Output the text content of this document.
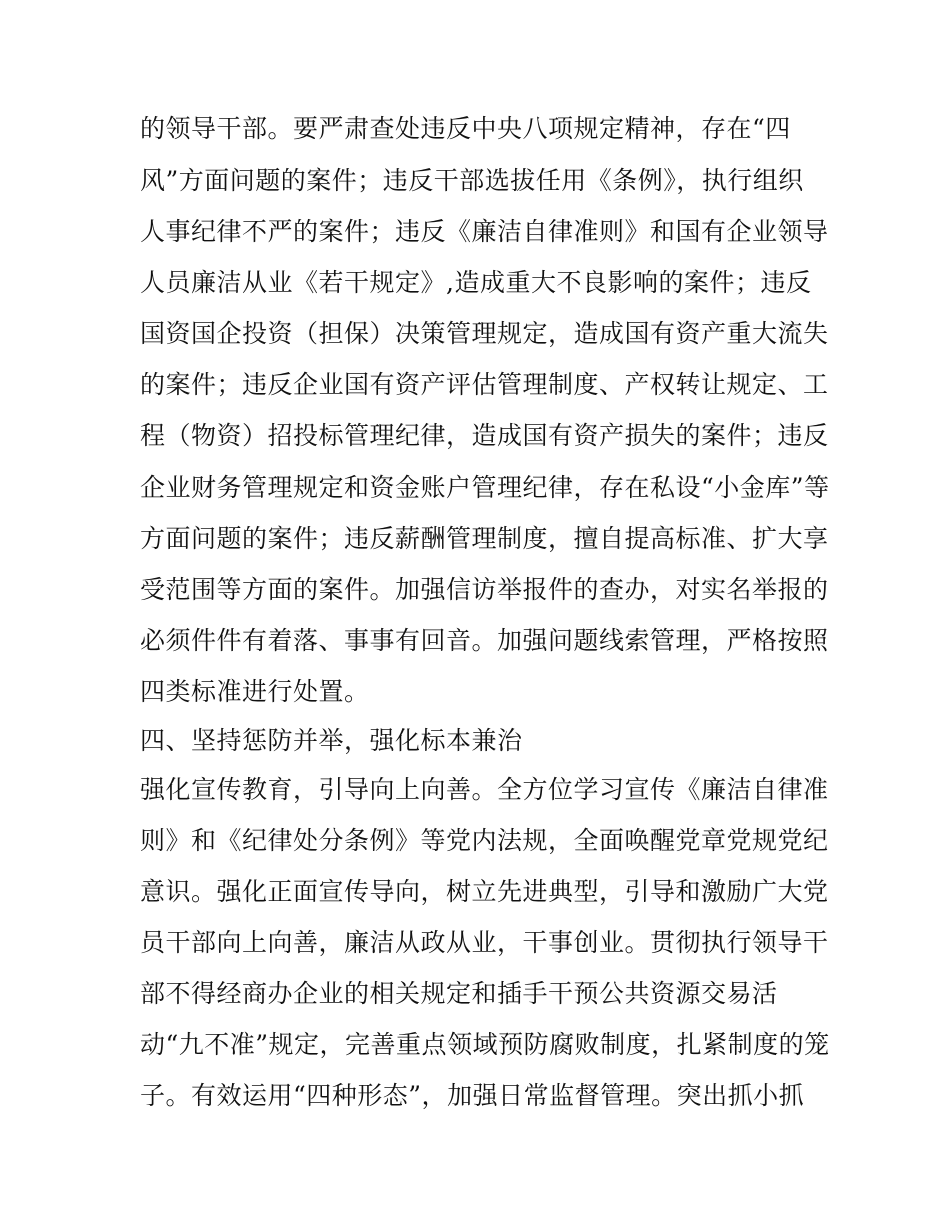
的领导干部。要严肃查处违反中央八项规定精神，存在“四
风”方面问题的案件；违反干部选拔任用《条例》，执行组织
人事纪律不严的案件；违反《廉洁自律准则》和国有企业领导
人员廉洁从业《若干规定》,造成重大不良影响的案件；违反
国资国企投资（担保）决策管理规定，造成国有资产重大流失
的案件；违反企业国有资产评估管理制度、产权转让规定、工
程（物资）招投标管理纪律，造成国有资产损失的案件；违反
企业财务管理规定和资金账户管理纪律，存在私设“小金库”等
方面问题的案件；违反薪酬管理制度，擅自提高标准、扩大享
受范围等方面的案件。加强信访举报件的查办，对实名举报的
必须件件有着落、事事有回音。加强问题线索管理，严格按照
四类标准进行处置。
四、坚持惩防并举，强化标本兼治
强化宣传教育，引导向上向善。全方位学习宣传《廉洁自律准
则》和《纪律处分条例》等党内法规，全面唤醒党章党规党纪
意识。强化正面宣传导向，树立先进典型，引导和激励广大党
员干部向上向善，廉洁从政从业，干事创业。贯彻执行领导干
部不得经商办企业的相关规定和插手干预公共资源交易活
动“九不准”规定，完善重点领域预防腐败制度，扎紧制度的笼
子。有效运用“四种形态”，加强日常监督管理。突出抓小抓
